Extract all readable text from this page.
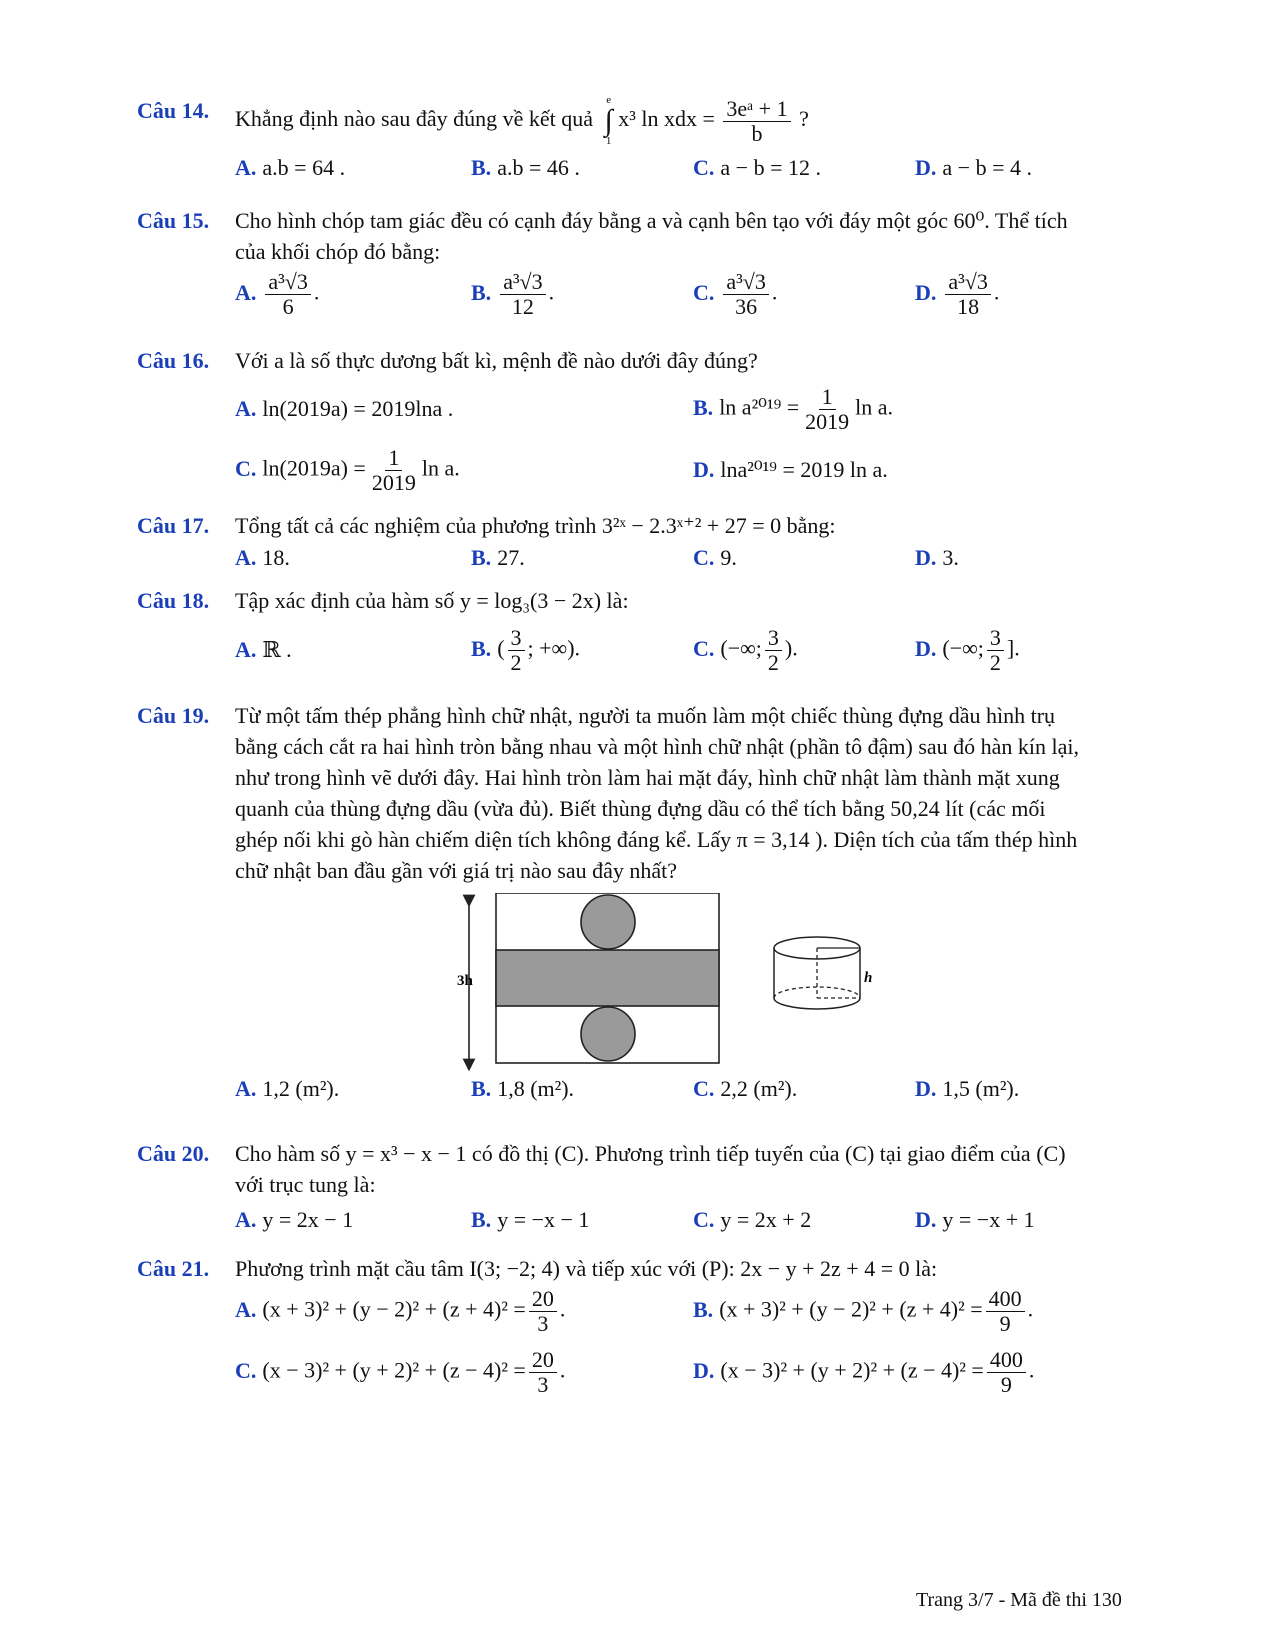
Câu 14. Khẳng định nào sau đây đúng về kết quả
e
∫
1
x³ ln xdx = $\frac{\text{3eᵃ + 1}}{b}$ ?
A. a.b = 64 .	B. a.b = 46 .	C. a − b = 12 .	D. a − b = 4 .
Câu 15. Cho hình chóp tam giác đều có cạnh đáy bằng a và cạnh bên tạo với đáy một góc 60⁰. Thể tích
của khối chóp đó bằng:
A. $\frac{\text{a³√3}}{6}$ .	B. $\frac{\text{a³√3}}{12}$ .	C. $\frac{\text{a³√3}}{36}$ .	D. $\frac{\text{a³√3}}{18}$ .
Câu 16. Với a là số thực dương bất kì, mệnh đề nào dưới đây đúng?
A. ln(2019a) = 2019lna .	B. $\ln a^{2019} = \frac{1}{2019}$ ln a.
C. $\ln(2019a) = \frac{1}{2019}$ ln a.	D. lna²⁰¹⁹ = 2019 ln a.
Câu 17. Tổng tất cả các nghiệm của phương trình 3²ˣ − 2.3ˣ⁺² + 27 = 0 bằng:
A. 18.	B. 27.	C. 9.	D. 3.
Câu 18. Tập xác định của hàm số y = log₃(3 − 2x) là:
A. ℝ .	B. ( $\frac{3}{2}$ ; +∞).	C. (−∞; $\frac{3}{2}$ ).	D. (−∞; $\frac{3}{2}$ ].
Câu 19. Từ một tấm thép phẳng hình chữ nhật, người ta muốn làm một chiếc thùng đựng dầu hình trụ
bằng cách cắt ra hai hình tròn bằng nhau và một hình chữ nhật (phần tô đậm) sau đó hàn kín lại,
như trong hình vẽ dưới đây. Hai hình tròn làm hai mặt đáy, hình chữ nhật làm thành mặt xung
quanh của thùng đựng dầu (vừa đủ). Biết thùng đựng dầu có thể tích bằng 50,24 lít (các mối
ghép nối khi gò hàn chiếm diện tích không đáng kể. Lấy π = 3,14 ). Diện tích của tấm thép hình
chữ nhật ban đầu gần với giá trị nào sau đây nhất?
3h	h
A. 1,2 (m²).	B. 1,8 (m²).	C. 2,2 (m²).	D. 1,5 (m²).
Câu 20. Cho hàm số y = x³ − x − 1 có đồ thị (C). Phương trình tiếp tuyến của (C) tại giao điểm của (C)
với trục tung là:
A. y = 2x − 1	B. y = −x − 1	C. y = 2x + 2	D. y = −x + 1
Câu 21. Phương trình mặt cầu tâm I(3; −2; 4) và tiếp xúc với (P): 2x − y + 2z + 4 = 0 là:
A. $(x + 3)^2 + (y - 2)^2 + (z + 4)^2 = \frac{20}{3}$ .	B. $(x + 3)^2 + (y - 2)^2 + (z + 4)^2 = \frac{400}{9}$ .
C. $(x - 3)^2 + (y + 2)^2 + (z - 4)^2 = \frac{20}{3}$ .	D. $(x - 3)^2 + (y + 2)^2 + (z - 4)^2 = \frac{400}{9}$ .
Trang 3/7 - Mã đề thi 130
